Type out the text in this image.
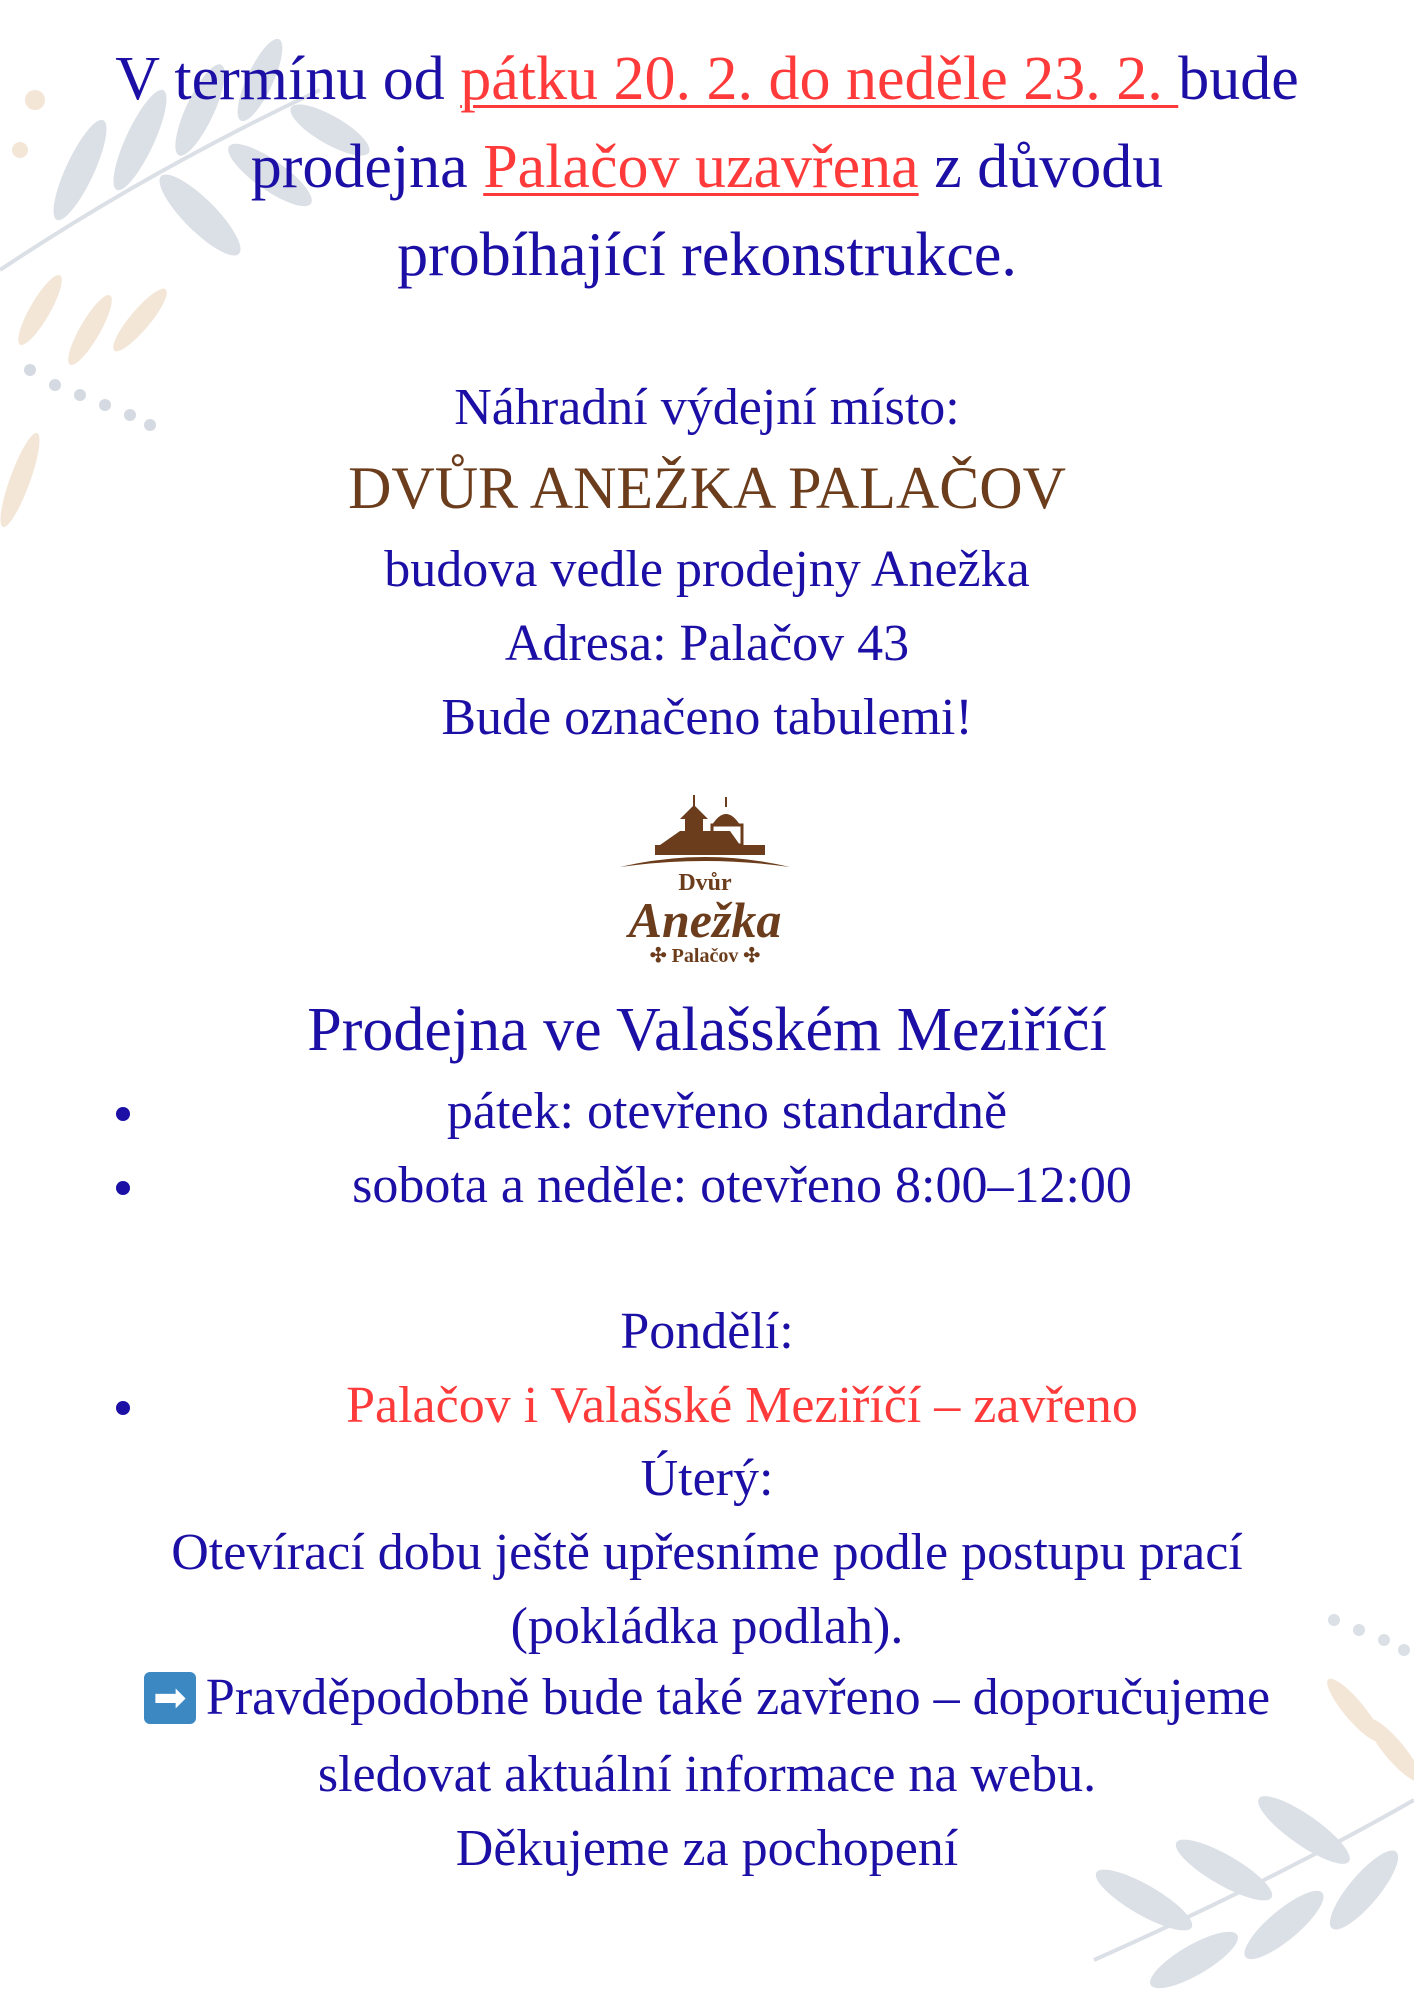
V termínu od pátku 20. 2. do neděle 23. 2. bude
prodejna Palačov uzavřena z důvodu
probíhající rekonstrukce.
Náhradní výdejní místo:
DVŮR ANEŽKA PALAČOV
budova vedle prodejny Anežka
Adresa: Palačov 43
Bude označeno tabulemi!
Dvůr
Anežka
✣ Palačov ✣
Prodejna ve Valašském Meziříčí
pátek: otevřeno standardně
sobota a neděle: otevřeno 8:00–12:00
Pondělí:
Palačov i Valašské Meziříčí – zavřeno
Úterý:
Otevírací dobu ještě upřesníme podle postupu prací
(pokládka podlah).
➡ Pravděpodobně bude také zavřeno – doporučujeme
sledovat aktuální informace na webu.
Děkujeme za pochopení
